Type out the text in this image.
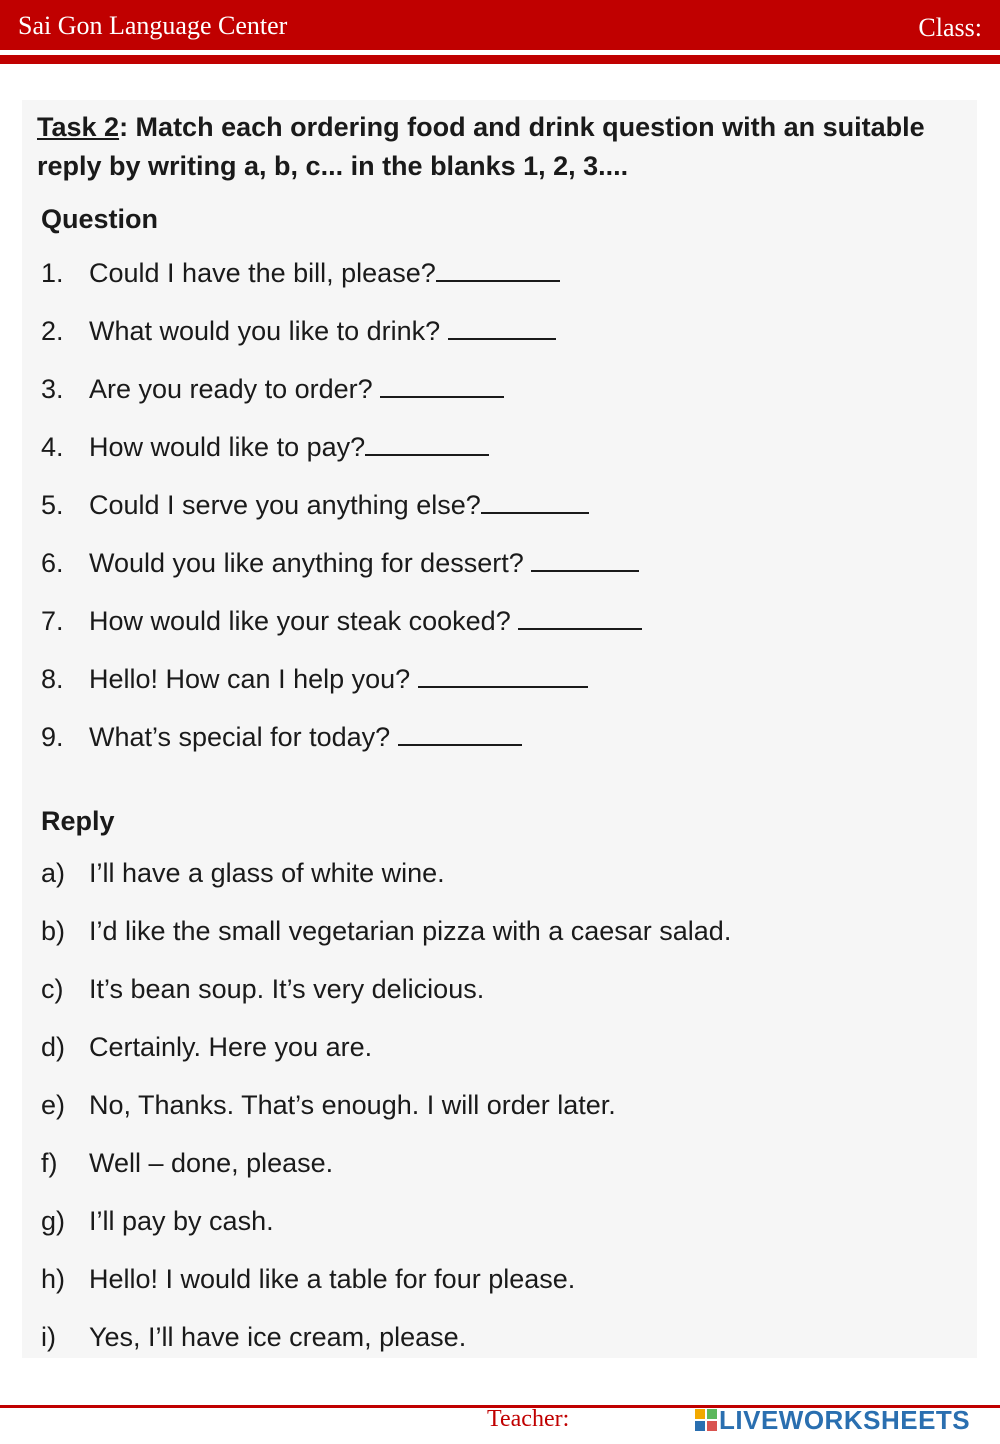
Sai Gon Language Center	Class:
Task 2: Match each ordering food and drink question with an suitable reply by writing a, b, c... in the blanks 1, 2, 3....
Question
1. Could I have the bill, please?
2. What would you like to drink?
3. Are you ready to order?
4. How would like to pay?
5. Could I serve you anything else?
6. Would you like anything for dessert?
7. How would like your steak cooked?
8. Hello! How can I help you?
9. What’s special for today?
Reply
a) I’ll have a glass of white wine.
b) I’d like the small vegetarian pizza with a caesar salad.
c) It’s bean soup. It’s very delicious.
d) Certainly. Here you are.
e) No, Thanks. That’s enough. I will order later.
f) Well – done, please.
g) I’ll pay by cash.
h) Hello! I would like a table for four please.
i) Yes, I’ll have ice cream, please.
Teacher:	LIVEWORKSHEETS
